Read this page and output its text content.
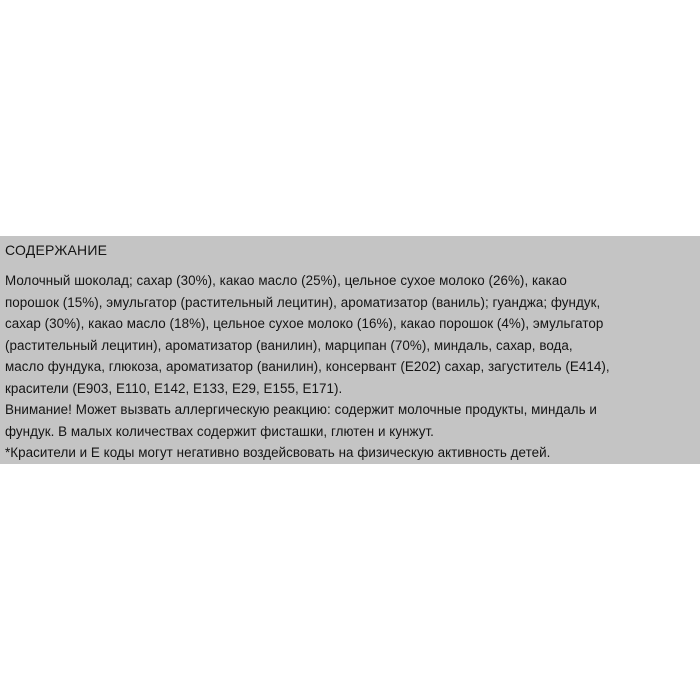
СОДЕРЖАНИЕ

Молочный шоколад; сахар (30%), какао масло (25%), цельное сухое молоко (26%), какао

порошок (15%), эмульгатор (растительный лецитин), ароматизатор (ваниль); гуанджа; фундук,

сахар (30%), какао масло (18%), цельное сухое молоко (16%), какао порошок (4%), эмульгатор

(растительный лецитин), ароматизатор (ванилин), марципан (70%), миндаль, сахар, вода,

масло фундука, глюкоза, ароматизатор (ванилин), консервант (E202) сахар, загуститель (E414),

красители (E903, E110, E142, E133, E29, E155, E171).

Внимание! Может вызвать аллергическую реакцию: содержит молочные продукты, миндаль и

фундук. В малых количествах содержит фисташки, глютен и кунжут.

*Красители и Е коды могут негативно воздейсвовать на физическую активность детей.
